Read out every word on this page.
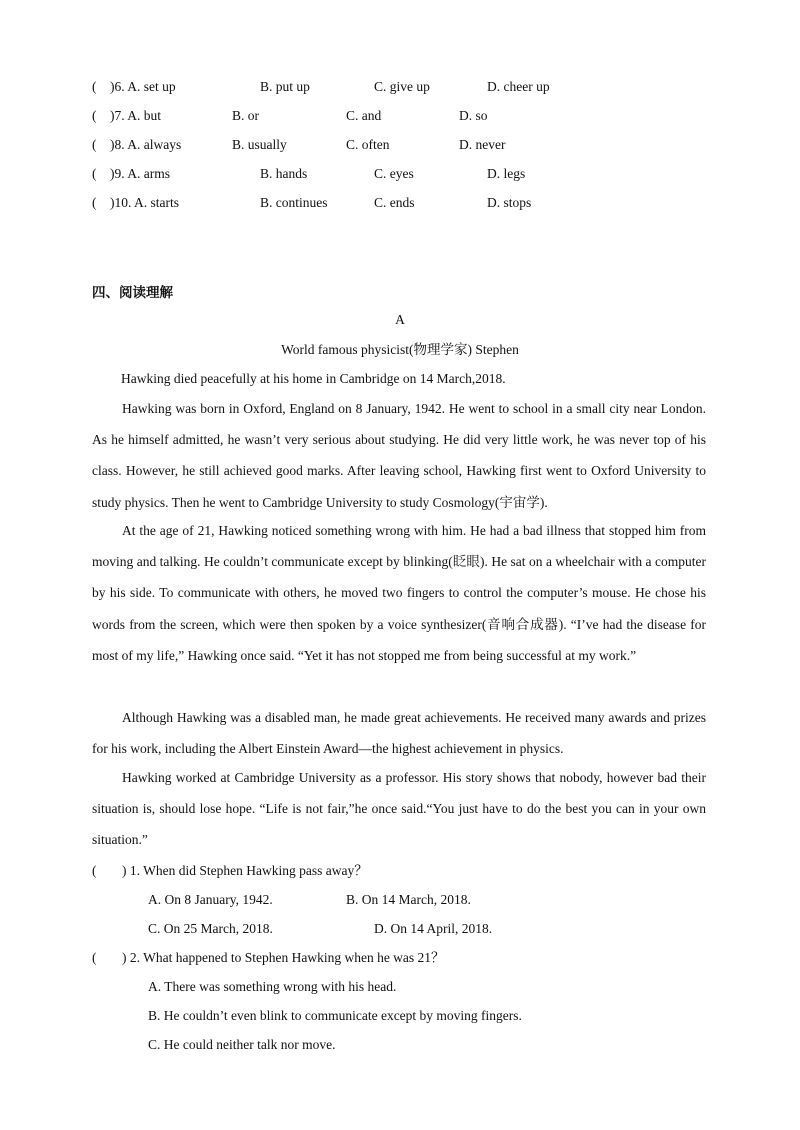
( )6. A. set up	B. put up	C. give up	D. cheer up
( )7. A. but	B. or	C. and	D. so
( )8. A. always	B. usually	C. often	D. never
( )9. A. arms	B. hands	C. eyes	D. legs
( )10. A. starts	B. continues	C. ends	D. stops
四、阅读理解
A
World famous physicist(物理学家) Stephen
Hawking died peacefully at his home in Cambridge on 14 March,2018.

Hawking was born in Oxford, England on 8 January, 1942. He went to school in a small city near London. As he himself admitted, he wasn’t very serious about studying. He did very little work, he was never top of his class. However, he still achieved good marks. After leaving school, Hawking first went to Oxford University to study physics. Then he went to Cambridge University to study Cosmology(宇宙学).

At the age of 21, Hawking noticed something wrong with him. He had a bad illness that stopped him from moving and talking. He couldn’t communicate except by blinking(眨眼). He sat on a wheelchair with a computer by his side. To communicate with others, he moved two fingers to control the computer’s mouse. He chose his words from the screen, which were then spoken by a voice synthesizer(音响合成器). “I’ve had the disease for most of my life,” Hawking once said. “Yet it has not stopped me from being successful at my work.”

Although Hawking was a disabled man, he made great achievements. He received many awards and prizes for his work, including the Albert Einstein Award—the highest achievement in physics.

Hawking worked at Cambridge University as a professor. His story shows that nobody, however bad their situation is, should lose hope. “Life is not fair,”he once said.“You just have to do the best you can in your own situation.”

( ) 1. When did Stephen Hawking pass away？
A. On 8 January, 1942.	B. On 14 March, 2018.
C. On 25 March, 2018.	D. On 14 April, 2018.
( ) 2. What happened to Stephen Hawking when he was 21？
A. There was something wrong with his head.
B. He couldn’t even blink to communicate except by moving fingers.
C. He could neither talk nor move.
